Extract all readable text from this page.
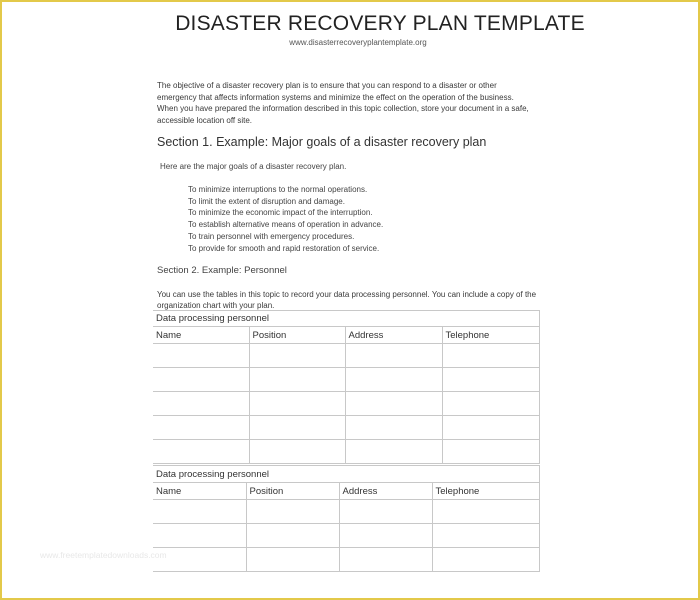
DISASTER RECOVERY PLAN TEMPLATE
www.disasterrecoveryplantemplate.org
The objective of a disaster recovery plan is to ensure that you can respond to a disaster or other
emergency that affects information systems and minimize the effect on the operation of the business.
When you have prepared the information described in this topic collection, store your document in a safe,
accessible location off site.
Section 1. Example: Major goals of a disaster recovery plan
Here are the major goals of a disaster recovery plan.
To minimize interruptions to the normal operations.
To limit the extent of disruption and damage.
To minimize the economic impact of the interruption.
To establish alternative means of operation in advance.
To train personnel with emergency procedures.
To provide for smooth and rapid restoration of service.
Section 2. Example: Personnel
You can use the tables in this topic to record your data processing personnel. You can include a copy of the
organization chart with your plan.
Data processing personnel			
Name	Position	Address	Telephone

Data processing personnel			
Name	Position	Address	Telephone

www.freetemplatedownloads.com
